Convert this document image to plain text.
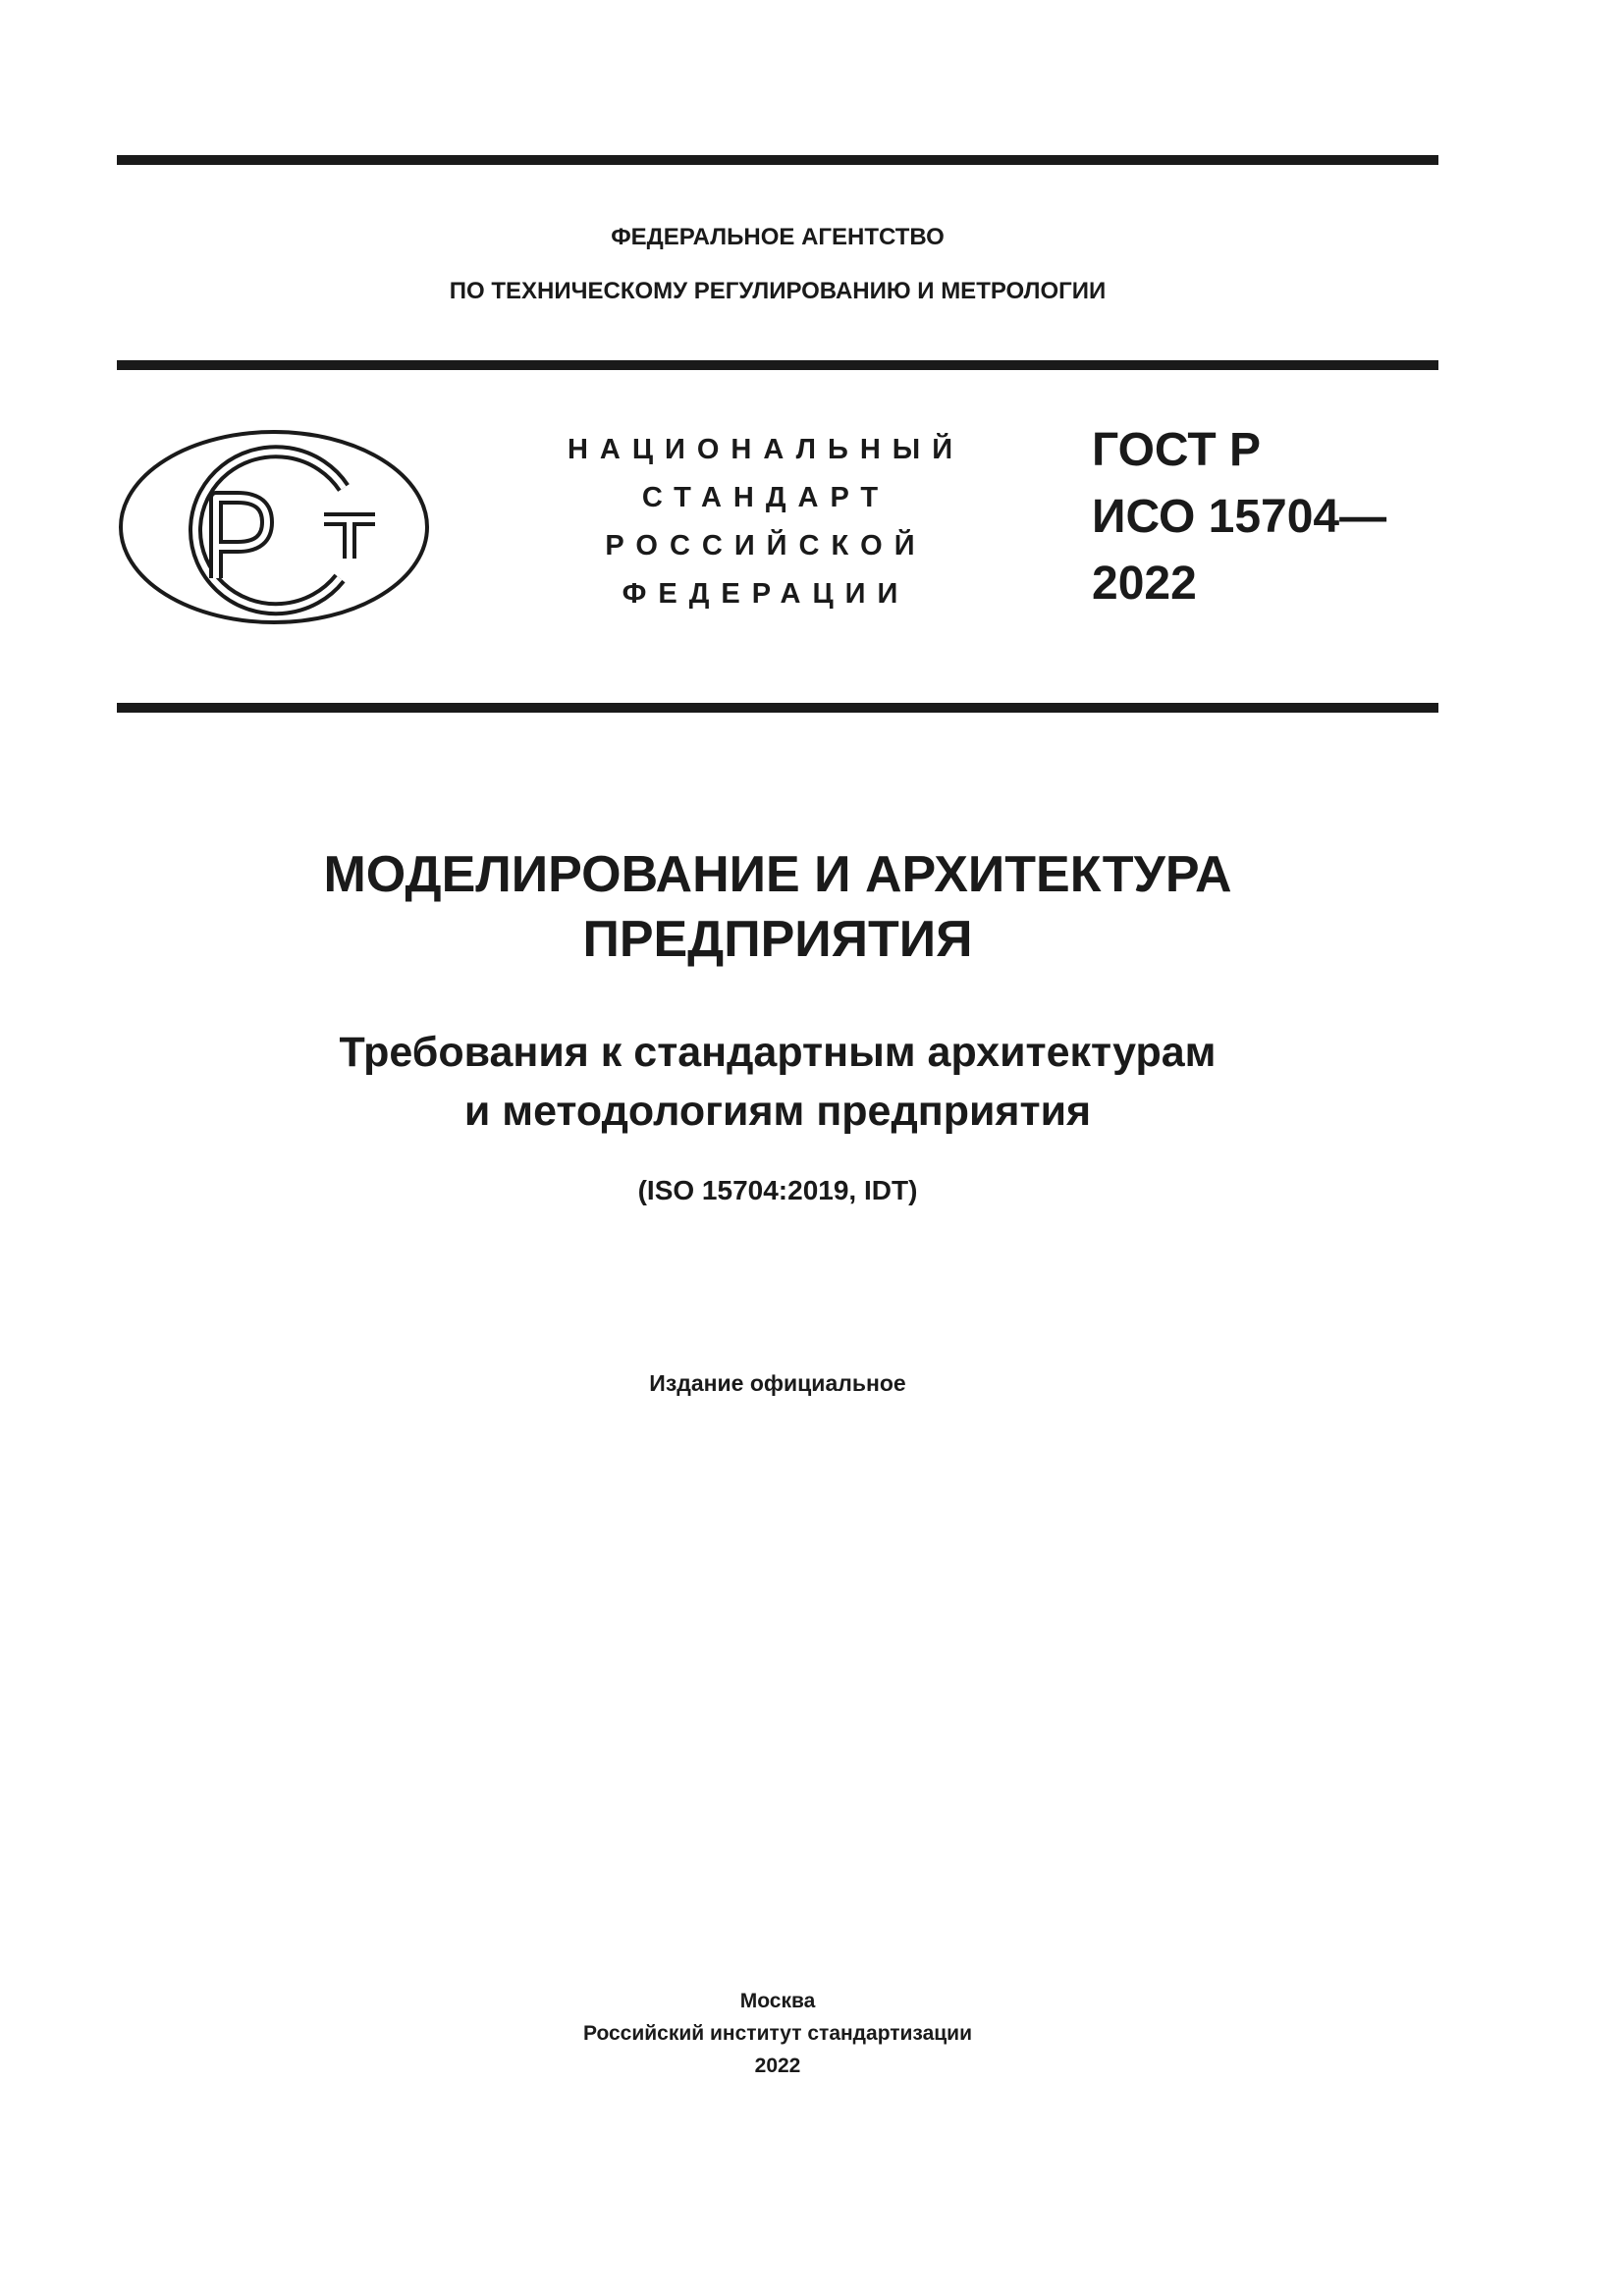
ФЕДЕРАЛЬНОЕ АГЕНТСТВО
ПО ТЕХНИЧЕСКОМУ РЕГУЛИРОВАНИЮ И МЕТРОЛОГИИ
НАЦИОНАЛЬНЫЙ
СТАНДАРТ
РОССИЙСКОЙ
ФЕДЕРАЦИИ
ГОСТ Р
ИСО 15704—
2022
МОДЕЛИРОВАНИЕ И АРХИТЕКТУРА
ПРЕДПРИЯТИЯ
Требования к стандартным архитектурам
и методологиям предприятия
(ISO 15704:2019, IDT)
Издание официальное
Москва
Российский институт стандартизации
2022
